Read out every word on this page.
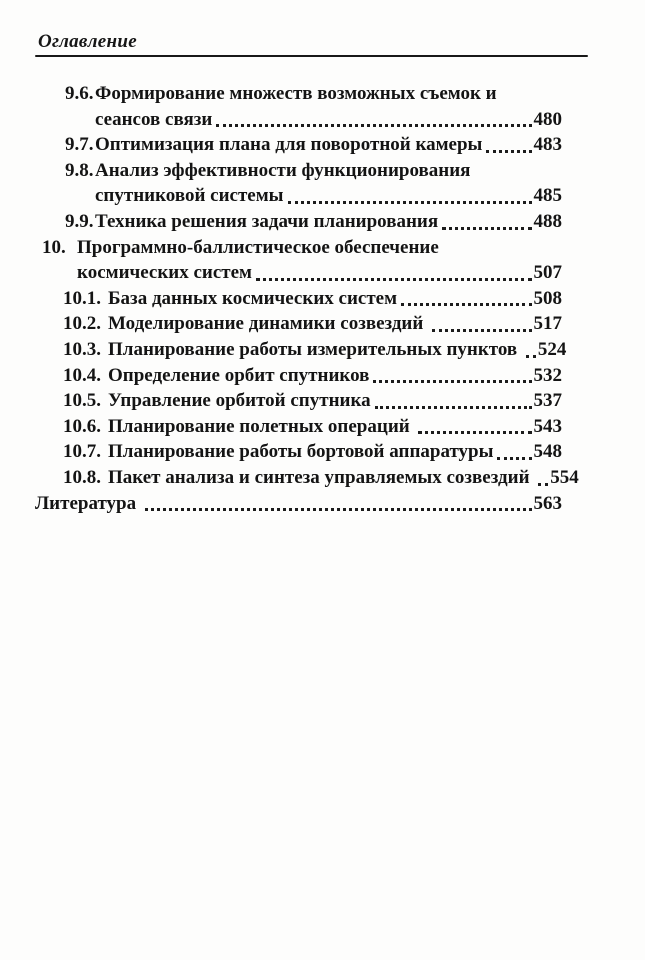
Оглавление
9.6. Формирование множеств возможных съемок и
сеансов связи	480
9.7. Оптимизация плана для поворотной камеры	483
9.8. Анализ эффективности функционирования
спутниковой системы	485
9.9. Техника решения задачи планирования	488
10. Программно-баллистическое обеспечение
космических систем	507
10.1. База данных космических систем	508
10.2. Моделирование динамики созвездий	517
10.3. Планирование работы измерительных пунктов 524
10.4. Определение орбит спутников	532
10.5. Управление орбитой спутника	537
10.6. Планирование полетных операций	543
10.7. Планирование работы бортовой аппаратуры 548
10.8. Пакет анализа и синтеза управляемых созвездий 554
Литература	563
